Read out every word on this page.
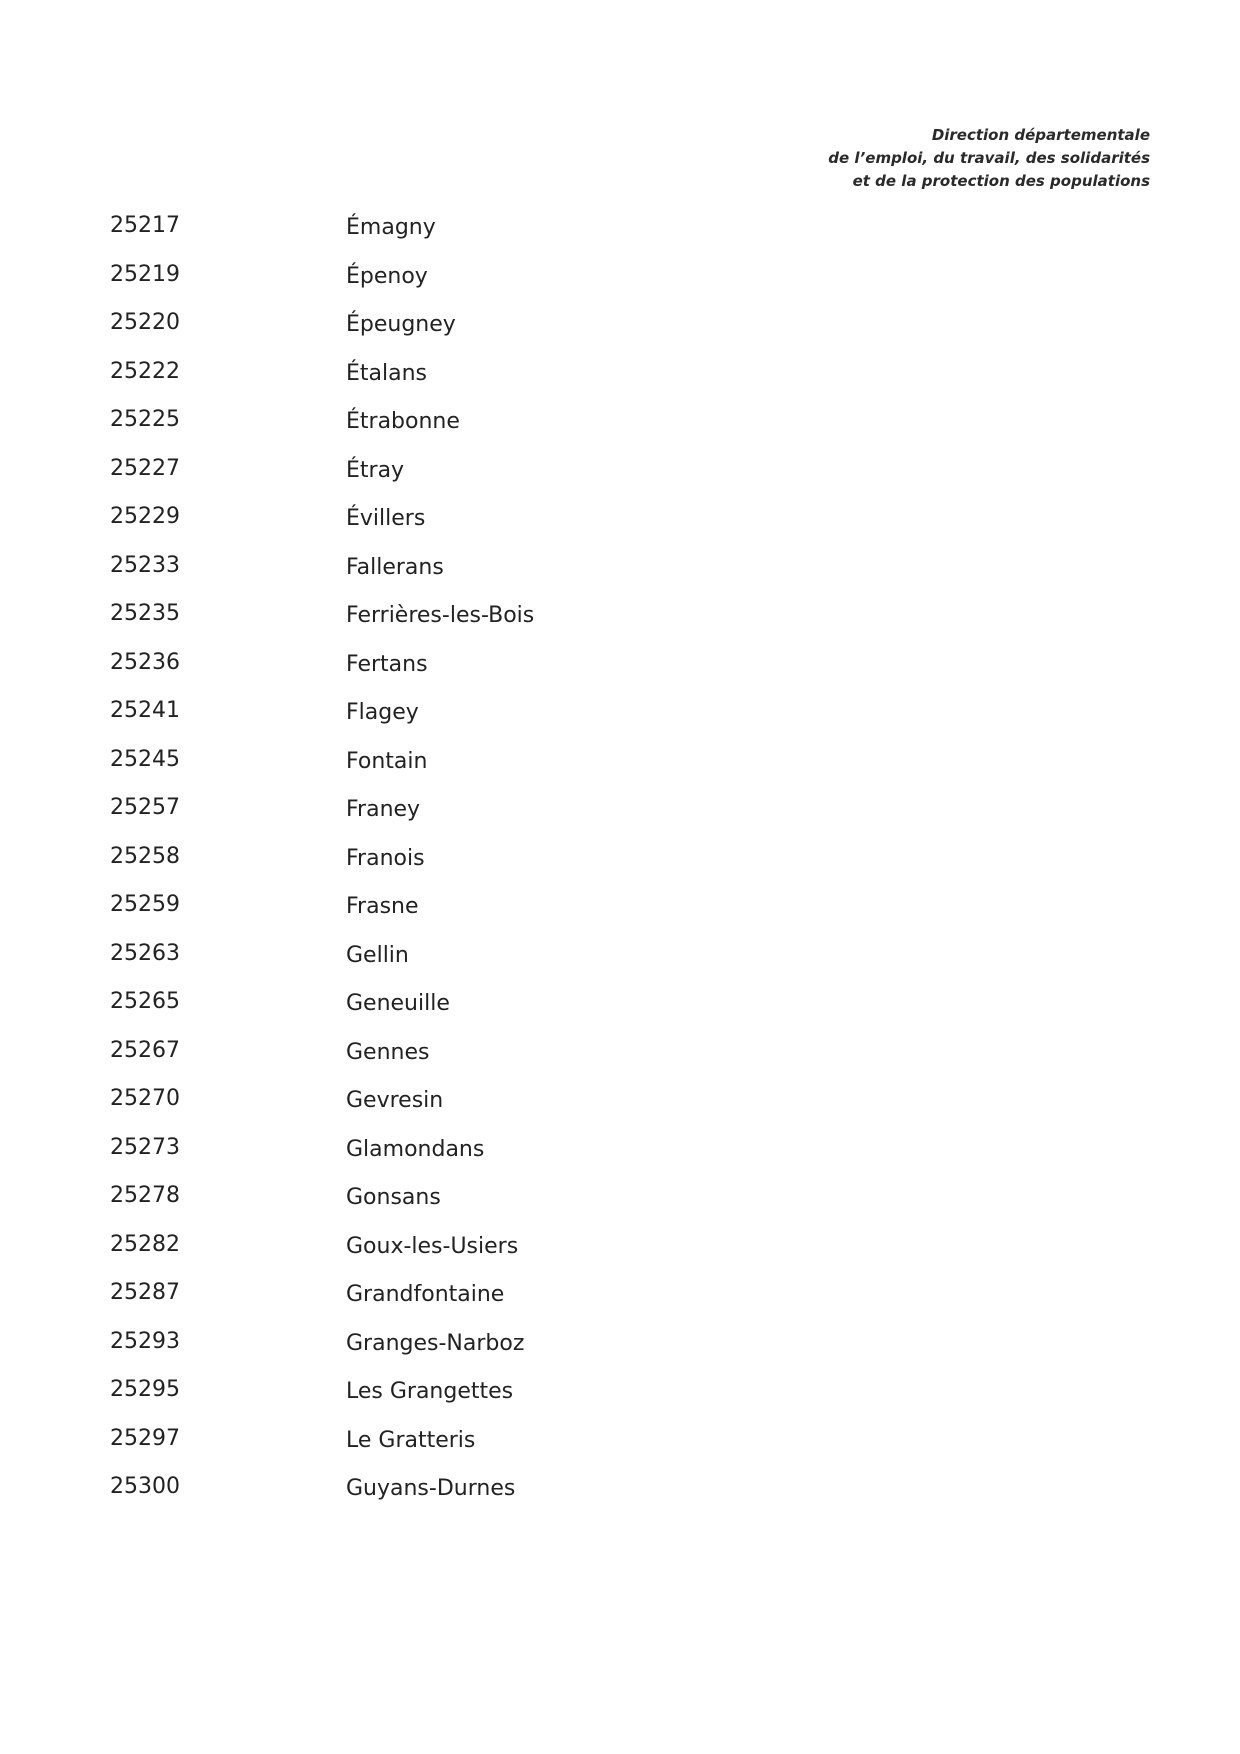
Direction départementale
de l’emploi, du travail, des solidarités
et de la protection des populations
25217	Émagny
25219	Épenoy
25220	Épeugney
25222	Étalans
25225	Étrabonne
25227	Étray
25229	Évillers
25233	Fallerans
25235	Ferrières-les-Bois
25236	Fertans
25241	Flagey
25245	Fontain
25257	Franey
25258	Franois
25259	Frasne
25263	Gellin
25265	Geneuille
25267	Gennes
25270	Gevresin
25273	Glamondans
25278	Gonsans
25282	Goux-les-Usiers
25287	Grandfontaine
25293	Granges-Narboz
25295	Les Grangettes
25297	Le Gratteris
25300	Guyans-Durnes
